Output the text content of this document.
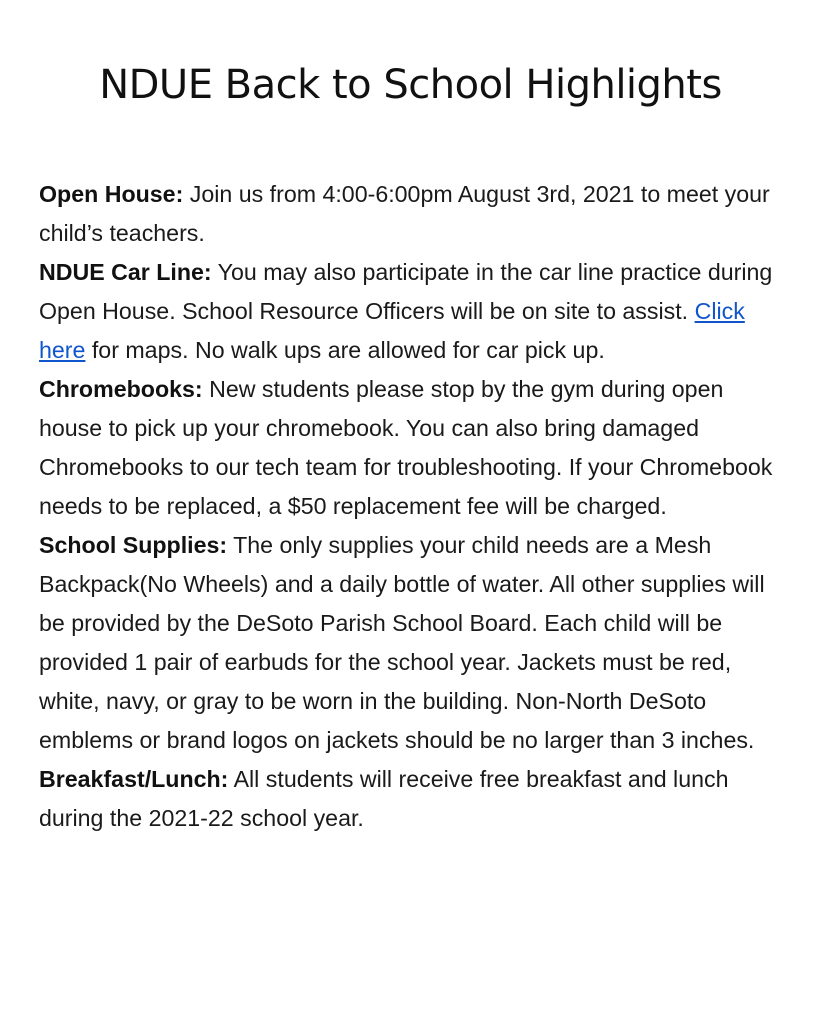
NDUE Back to School Highlights

Open House: Join us from 4:00-6:00pm August 3rd, 2021 to meet your child’s teachers.

NDUE Car Line: You may also participate in the car line practice during Open House. School Resource Officers will be on site to assist. Click here for maps. No walk ups are allowed for car pick up.

Chromebooks: New students please stop by the gym during open house to pick up your chromebook. You can also bring damaged Chromebooks to our tech team for troubleshooting. If your Chromebook needs to be replaced, a $50 replacement fee will be charged.

School Supplies: The only supplies your child needs are a Mesh Backpack(No Wheels) and a daily bottle of water. All other supplies will be provided by the DeSoto Parish School Board. Each child will be provided 1 pair of earbuds for the school year. Jackets must be red, white, navy, or gray to be worn in the building. Non-North DeSoto emblems or brand logos on jackets should be no larger than 3 inches.

Breakfast/Lunch: All students will receive free breakfast and lunch during the 2021-22 school year.
